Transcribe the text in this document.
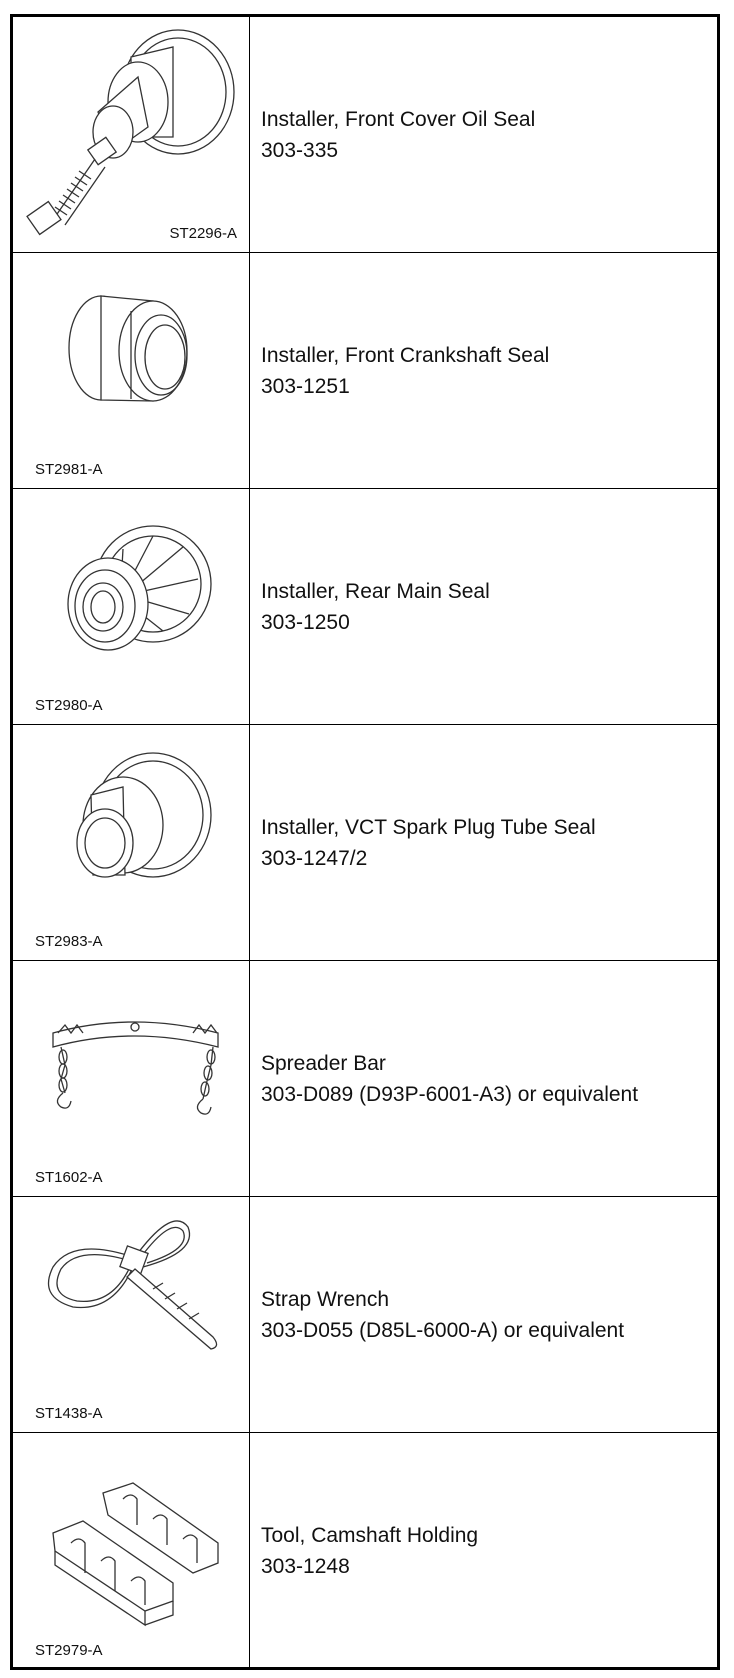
ST2296-A
Installer, Front Cover Oil Seal
303-335
ST2981-A
Installer, Front Crankshaft Seal
303-1251
ST2980-A
Installer, Rear Main Seal
303-1250
ST2983-A
Installer, VCT Spark Plug Tube Seal
303-1247/2
ST1602-A
Spreader Bar
303-D089 (D93P-6001-A3) or equivalent
ST1438-A
Strap Wrench
303-D055 (D85L-6000-A) or equivalent
ST2979-A
Tool, Camshaft Holding
303-1248
